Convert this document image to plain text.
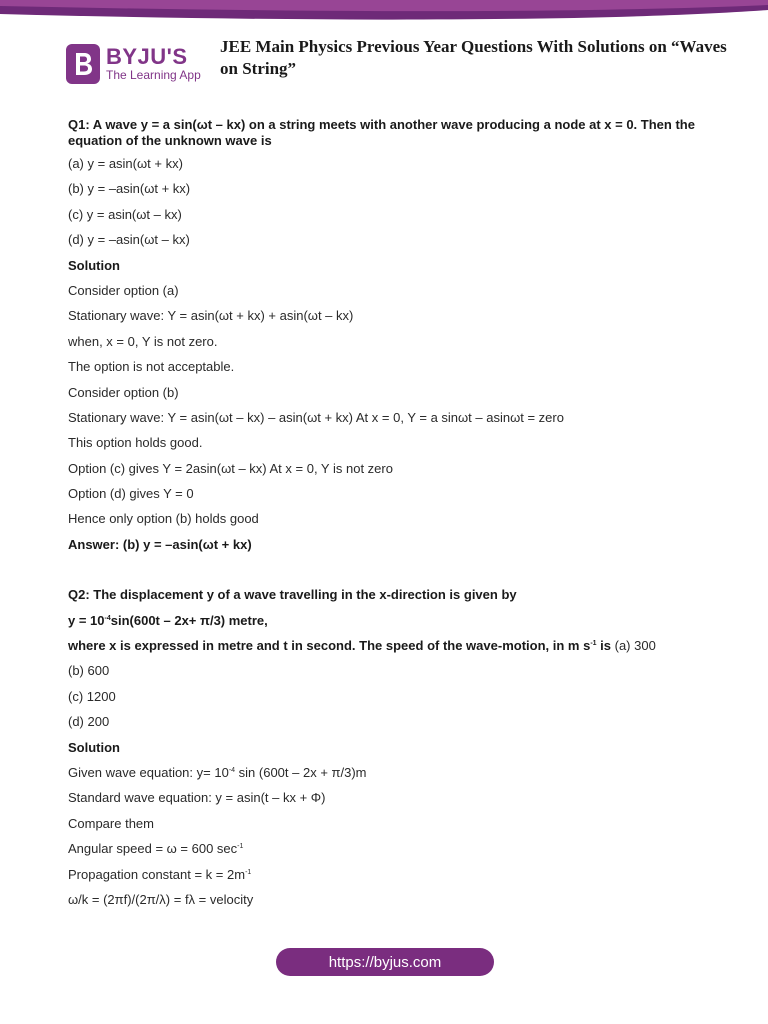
BYJU'S
The Learning App
JEE Main Physics Previous Year Questions With Solutions on “Waves on String”

Q1: A wave y = a sin(ωt – kx) on a string meets with another wave producing a node at x = 0. Then the equation of the unknown wave is

(a) y = asin(ωt + kx)

(b) y = –asin(ωt + kx)

(c) y = asin(ωt – kx)

(d) y = –asin(ωt – kx)

Solution

Consider option (a)

Stationary wave: Y = asin(ωt + kx) + asin(ωt – kx)

when, x = 0, Y is not zero.

The option is not acceptable.

Consider option (b)

Stationary wave: Y = asin(ωt – kx) – asin(ωt + kx) At x = 0, Y = a sinωt – asinωt = zero

This option holds good.

Option (c) gives Y = 2asin(ωt – kx) At x = 0, Y is not zero

Option (d) gives Y = 0

Hence only option (b) holds good

Answer: (b) y = –asin(ωt + kx)

Q2: The displacement y of a wave travelling in the x-direction is given by

$y = 10^{-4}\sin(600t - 2x+ \pi/3)$ metre,

where x is expressed in metre and t in second. The speed of the wave-motion, in m $s^{-1}$ is (a) 300

(b) 600

(c) 1200

(d) 200

Solution

Given wave equation: $y= 10^{-4}$ sin (600t – 2x + π/3)m

Standard wave equation: y = asin(t – kx + Φ)

Compare them

Angular speed = ω = 600 $\sec^{-1}$

Propagation constant = $k = 2m^{-1}$

ω/k = (2πf)/(2π/λ) = fλ = velocity

https://byjus.com
